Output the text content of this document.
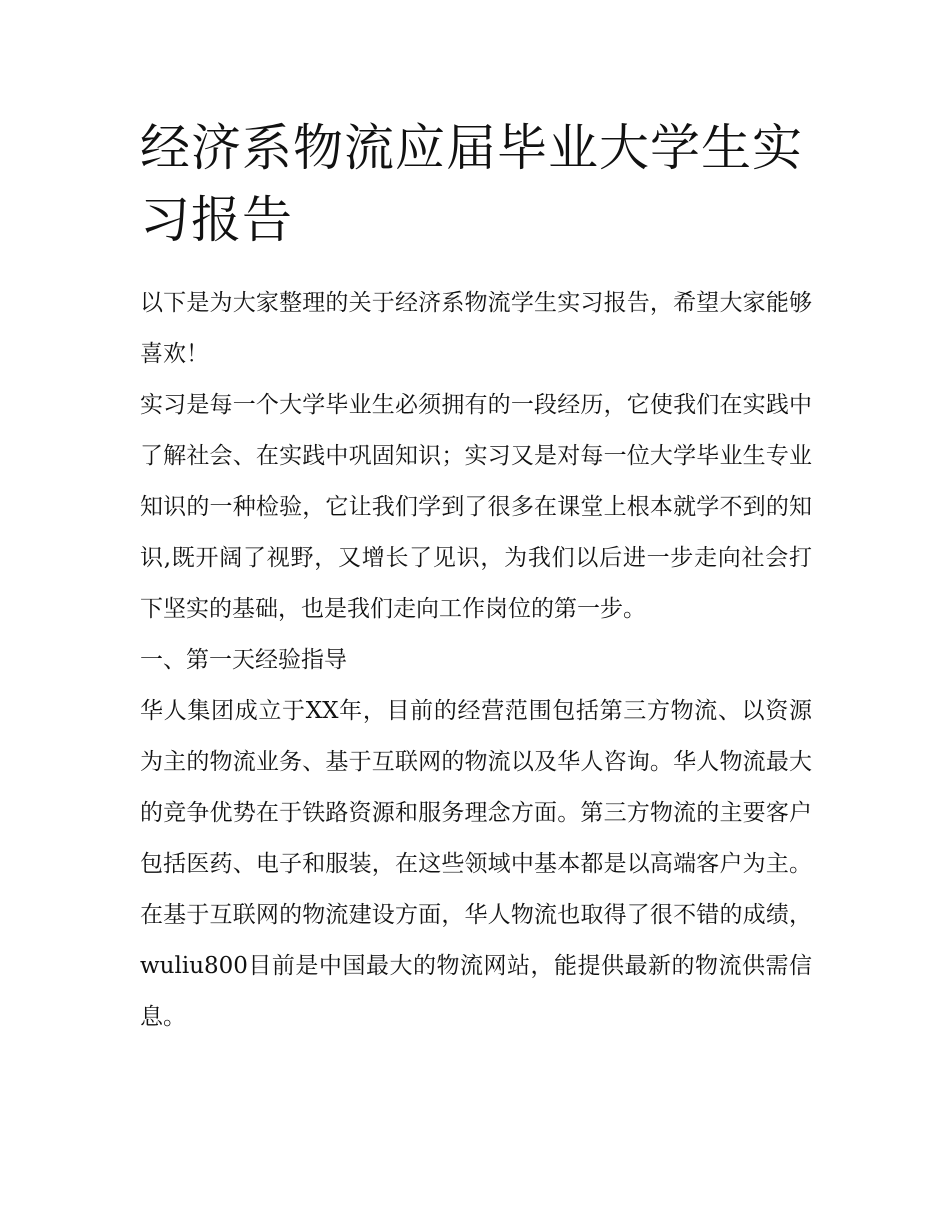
经济系物流应届毕业大学生实习报告

以下是为大家整理的关于经济系物流学生实习报告，希望大家能够喜欢！

实习是每一个大学毕业生必须拥有的一段经历，它使我们在实践中了解社会、在实践中巩固知识；实习又是对每一位大学毕业生专业知识的一种检验，它让我们学到了很多在课堂上根本就学不到的知识,既开阔了视野，又增长了见识，为我们以后进一步走向社会打下坚实的基础，也是我们走向工作岗位的第一步。

一、第一天经验指导

华人集团成立于XX年，目前的经营范围包括第三方物流、以资源为主的物流业务、基于互联网的物流以及华人咨询。华人物流最大的竞争优势在于铁路资源和服务理念方面。第三方物流的主要客户包括医药、电子和服装，在这些领域中基本都是以高端客户为主。在基于互联网的物流建设方面，华人物流也取得了很不错的成绩，wuliu800目前是中国最大的物流网站，能提供最新的物流供需信息。
